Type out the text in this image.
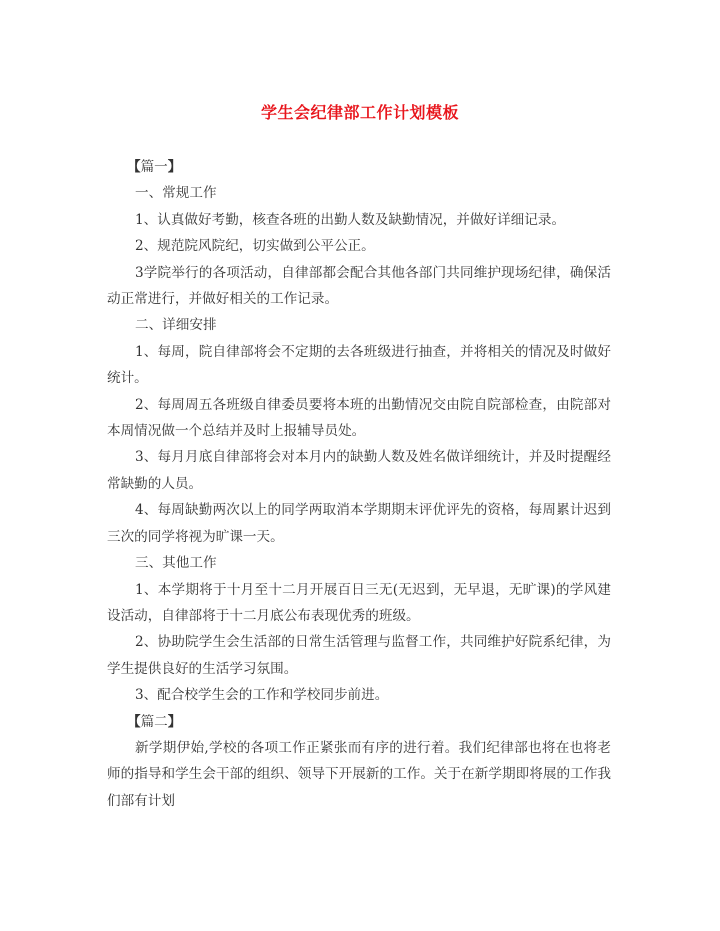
学生会纪律部工作计划模板

【篇一】

一、常规工作

1、认真做好考勤，核查各班的出勤人数及缺勤情况，并做好详细记录。

2、规范院风院纪，切实做到公平公正。

3学院举行的各项活动，自律部都会配合其他各部门共同维护现场纪律，确保活动正常进行，并做好相关的工作记录。

二、详细安排

1、每周，院自律部将会不定期的去各班级进行抽查，并将相关的情况及时做好统计。

2、每周周五各班级自律委员要将本班的出勤情况交由院自院部检查，由院部对本周情况做一个总结并及时上报辅导员处。

3、每月月底自律部将会对本月内的缺勤人数及姓名做详细统计，并及时提醒经常缺勤的人员。

4、每周缺勤两次以上的同学两取消本学期期末评优评先的资格，每周累计迟到三次的同学将视为旷课一天。

三、其他工作

1、本学期将于十月至十二月开展百日三无(无迟到，无早退，无旷课)的学风建设活动，自律部将于十二月底公布表现优秀的班级。

2、协助院学生会生活部的日常生活管理与监督工作，共同维护好院系纪律，为学生提供良好的生活学习氛围。

3、配合校学生会的工作和学校同步前进。

【篇二】

新学期伊始,学校的各项工作正紧张而有序的进行着。我们纪律部也将在也将老师的指导和学生会干部的组织、领导下开展新的工作。关于在新学期即将展的工作我们部有计划
